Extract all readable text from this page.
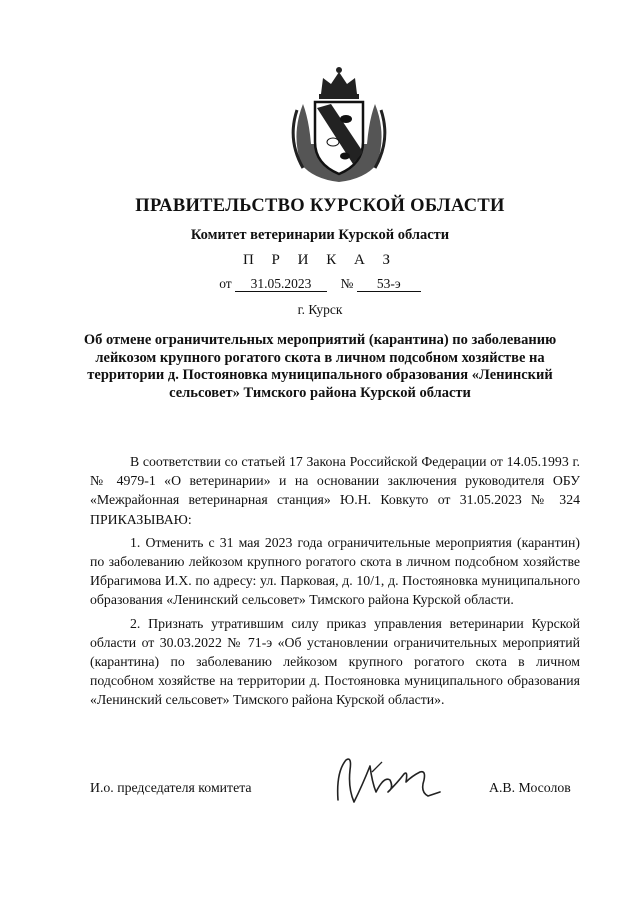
ПРАВИТЕЛЬСТВО КУРСКОЙ ОБЛАСТИ
Комитет ветеринарии Курской области
П Р И К А З
от 31.05.2023 № 53-э
г. Курск
Об отмене ограничительных мероприятий (карантина) по заболеванию лейкозом крупного рогатого скота в личном подсобном хозяйстве на территории д. Постояновка муниципального образования «Ленинский сельсовет» Тимского района Курской области

В соответствии со статьей 17 Закона Российской Федерации от 14.05.1993 г. № 4979-1 «О ветеринарии» и на основании заключения руководителя ОБУ «Межрайонная ветеринарная станция» Ю.Н. Ковкуто от 31.05.2023 № 324 ПРИКАЗЫВАЮ:

1. Отменить с 31 мая 2023 года ограничительные мероприятия (карантин) по заболеванию лейкозом крупного рогатого скота в личном подсобном хозяйстве Ибрагимова И.Х. по адресу: ул. Парковая, д. 10/1, д. Постояновка муниципального образования «Ленинский сельсовет» Тимского района Курской области.

2. Признать утратившим силу приказ управления ветеринарии Курской области от 30.03.2022 № 71-э «Об установлении ограничительных мероприятий (карантина) по заболеванию лейкозом крупного рогатого скота в личном подсобном хозяйстве на территории д. Постояновка муниципального образования «Ленинский сельсовет» Тимского района Курской области».

И.о. председателя комитета	А.В. Мосолов
